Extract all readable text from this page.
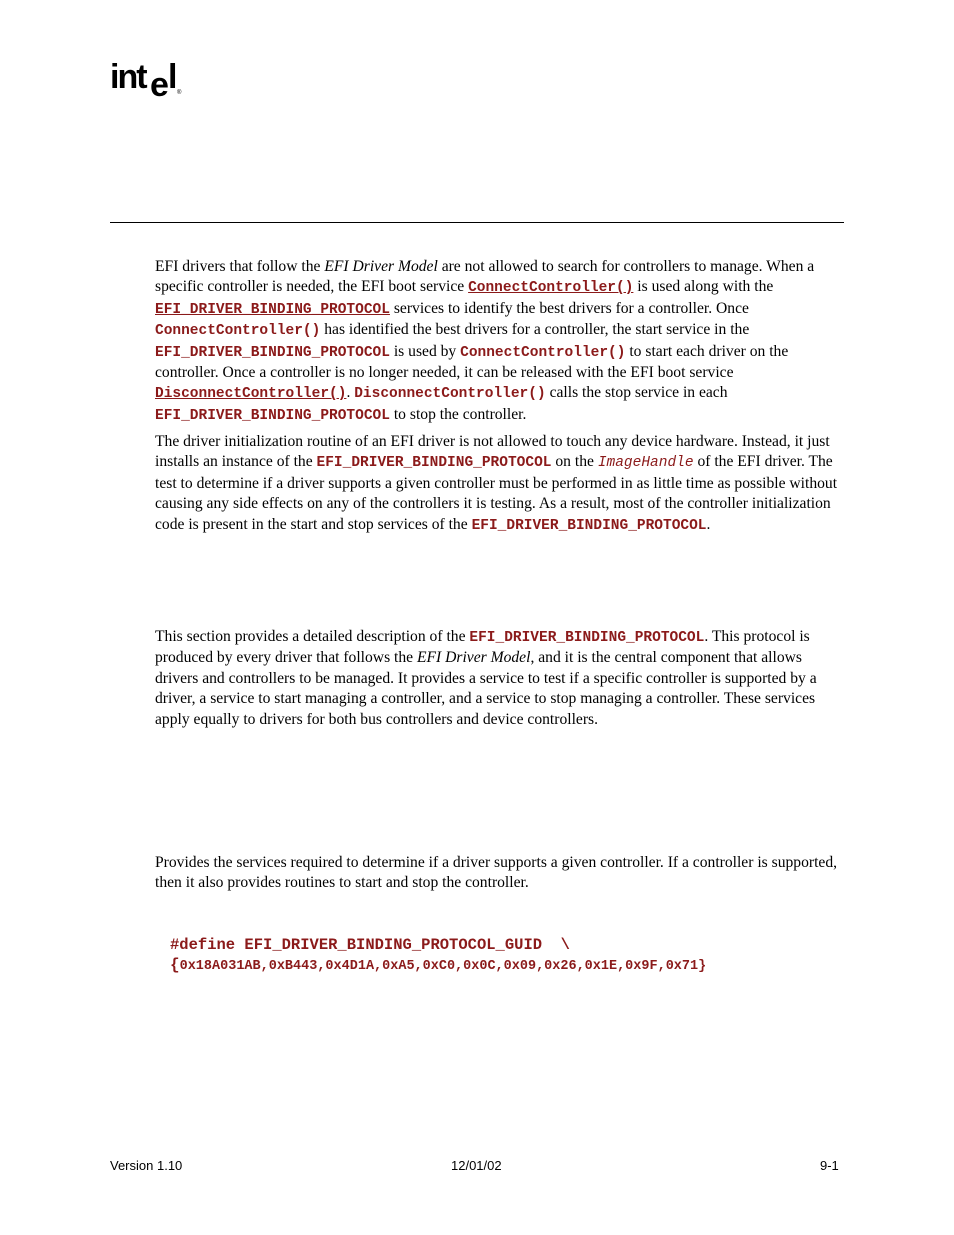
int e l ®

EFI drivers that follow the EFI Driver Model are not allowed to search for controllers to manage. When a specific controller is needed, the EFI boot service ConnectController() is used along with the EFI_DRIVER_BINDING_PROTOCOL services to identify the best drivers for a controller. Once ConnectController() has identified the best drivers for a controller, the start service in the EFI_DRIVER_BINDING_PROTOCOL is used by ConnectController() to start each driver on the controller. Once a controller is no longer needed, it can be released with the EFI boot service DisconnectController(). DisconnectController() calls the stop service in each EFI_DRIVER_BINDING_PROTOCOL to stop the controller.

The driver initialization routine of an EFI driver is not allowed to touch any device hardware. Instead, it just installs an instance of the EFI_DRIVER_BINDING_PROTOCOL on the ImageHandle of the EFI driver. The test to determine if a driver supports a given controller must be performed in as little time as possible without causing any side effects on any of the controllers it is testing. As a result, most of the controller initialization code is present in the start and stop services of the EFI_DRIVER_BINDING_PROTOCOL.

This section provides a detailed description of the EFI_DRIVER_BINDING_PROTOCOL. This protocol is produced by every driver that follows the EFI Driver Model, and it is the central component that allows drivers and controllers to be managed. It provides a service to test if a specific controller is supported by a driver, a service to start managing a controller, and a service to stop managing a controller. These services apply equally to drivers for both bus controllers and device controllers.

Provides the services required to determine if a driver supports a given controller. If a controller is supported, then it also provides routines to start and stop the controller.

#define EFI_DRIVER_BINDING_PROTOCOL_GUID  \
{0x18A031AB,0xB443,0x4D1A,0xA5,0xC0,0x0C,0x09,0x26,0x1E,0x9F,0x71}
Version 1.10	12/01/02	9-1
